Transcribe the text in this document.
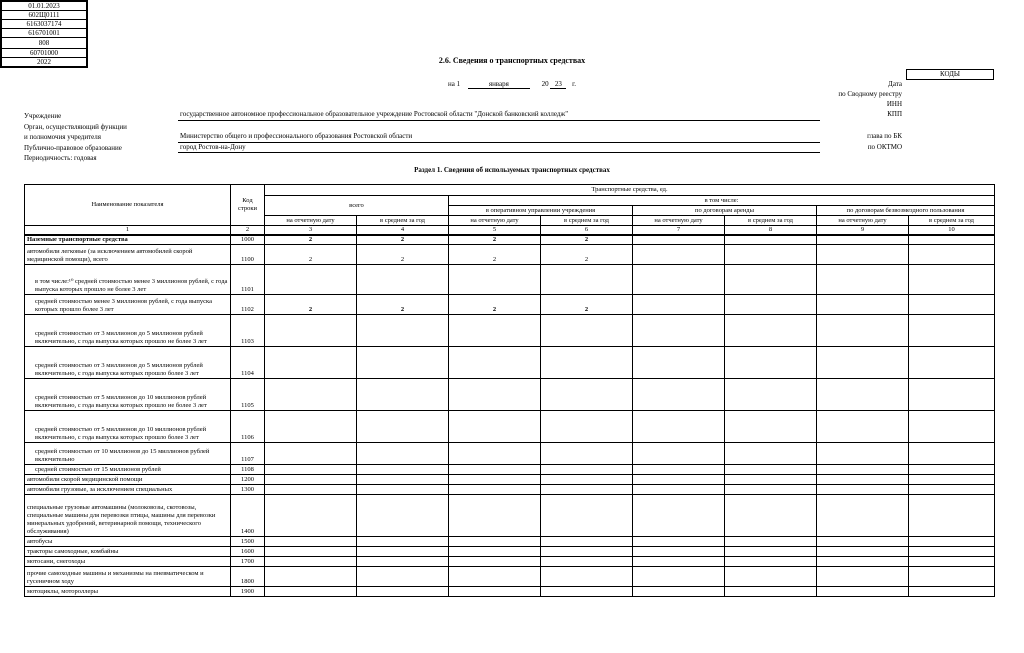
2.6. Сведения о транспортных средствах
на 1	января	20 23 г.
КОДЫ
01.01.2023
602Щ0111
6163037174
616701001
808
60701000
2022
Дата
по Сводному реестру
ИНН
КПП
глава по БК
по ОКТМО
Учреждение	государственное автономное профессиональное образовательное учреждение Ростовской области "Донской банковский колледж"
Орган, осуществляющий функции
и полномочия учредителя	Министерство общего и профессионального образования Ростовской области
Публично-правовое образование	город Ростов-на-Дону
Периодичность: годовая
Раздел 1. Сведения об используемых транспортных средствах
Наименование показателя	Код строки	Транспортные средства, ед.							
		всего		в том числе:					
				в оперативном управлении учреждения		по договорам аренды		по договорам безвозмездного пользования	
		на отчетную дату	в среднем за год	на отчетную дату	в среднем за год	на отчетную дату	в среднем за год	на отчетную дату	в среднем за год
1	2	3	4	5	6	7	8	9	10
Наземные транспортные средства	1000	2	2	2	2				
автомобили легковые (за исключением автомобилей скорой медицинской помощи), всего	1100	2	2	2	2				
в том числе:¹⁰ средней стоимостью менее 3 миллионов рублей, с года выпуска которых прошло не более 3 лет	1101								
средней стоимостью менее 3 миллионов рублей, с года выпуска которых прошло более 3 лет	1102	2	2	2	2				
средней стоимостью от 3 миллионов до 5 миллионов рублей включительно, с года выпуска которых прошло не более 3 лет	1103								
средней стоимостью от 3 миллионов до 5 миллионов рублей включительно, с года выпуска которых прошло более 3 лет	1104								
средней стоимостью от 5 миллионов до 10 миллионов рублей включительно, с года выпуска которых прошло не более 3 лет	1105								
средней стоимостью от 5 миллионов до 10 миллионов рублей включительно, с года выпуска которых прошло более 3 лет	1106								
средней стоимостью от 10 миллионов до 15 миллионов рублей включительно	1107								
средней стоимостью от 15 миллионов рублей	1108								
автомобили скорой медицинской помощи	1200								
автомобили грузовые, за исключением специальных	1300								
специальные грузовые автомашины (молоковозы, скотовозы, специальные машины для перевозки птицы, машины для перевозки минеральных удобрений, ветеринарной помощи, технического обслуживания)	1400								
автобусы	1500								
тракторы самоходные, комбайны	1600								
мотосани, снегоходы	1700								
прочие самоходные машины и механизмы на пневматическом и гусеничном ходу	1800								
мотоциклы, мотороллеры	1900								
